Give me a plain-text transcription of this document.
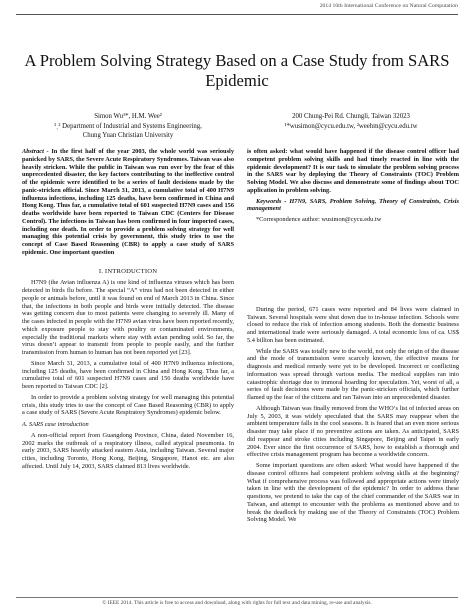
2014 10th International Conference on Natural Computation
A Problem Solving Strategy Based on a Case Study from SARS Epidemic
Simon Wu¹*, H.M. Wee²
¹ˎ² Department of Industrial and Systems Engineering,
Chung Yuan Christian University
200 Chung-Pei Rd. Chungli, Taiwan 32023
¹*wusimon@cycu.edu.tw, ²weehm@cycu.edu.tw

Abstract - In the first half of the year 2003, the whole world was seriously panicked by SARS, the Severe Acute Respiratory Syndromes. Taiwan was also heavily stricken. While the public in Taiwan was run over by the fear of this unprecedented disaster, the key factors contributing to the ineffective control of the epidemic were identified to be a series of fault decisions made by the panic-stricken official. Since March 31, 2013, a cumulative total of 400 H7N9 influenza infections, including 125 deaths, have been confirmed in China and Hong Kong. Thus far, a cumulative total of 601 suspected H7N9 cases and 156 deaths worldwide have been reported to Taiwan CDC (Centers for Disease Control). The infections in Taiwan has been confirmed in four imported cases, including one death. In order to provide a problem solving strategy for well managing this potential crisis by government, this study tries to use the concept of Case Based Reasoning (CBR) to apply a case study of SARS epidemic. One important question

I. INTRODUCTION

H7N9 (the Avian influenza A) is one kind of influenza viruses which has been detected in birds flu before. The special “A” virus had not been detected in either people or animals before, until it was found on end of March 2013 in China. Since that, the infections in both people and birds were initially detected. The disease was getting concern due to most patients were changing to severely ill. Many of the cases infected in people with the H7N9 avian virus have been reported recently, which exposure people to stay with poultry or contaminated environments, especially the traditional markets where stay with avian pending sold. So far, the virus doesn’t appear to transmit from people to people easily, and the further transmission from human to human has not been reported yet [23].

Since March 31, 2013, a cumulative total of 400 H7N9 influenza infections, including 125 deaths, have been confirmed in China and Hong Kong. Thus far, a cumulative total of 601 suspected H7N9 cases and 156 deaths worldwide have been reported to Taiwan CDC [2].

In order to provide a problem solving strategy for well managing this potential crisis, this study tries to use the concept of Case Based Reasoning (CBR) to apply a case study of SARS (Severe Acute Respiratory Syndromes) epidemic below.

A. SARS case introduction

A non-official report from Guangdong Province, China, dated November 16, 2002 marks the outbreak of a respiratory illness, called atypical pneumonia. In early 2003, SARS heavily attacked eastern Asia, including Taiwan. Several major cities, including Toronto, Hong Kong, Beijing, Singapore, Hanoi etc. are also affected. Until July 14, 2003, SARS claimed 813 lives worldwide.

is often asked: what would have happened if the disease control officer had competent problem solving skills and had timely reacted in line with the epidemic development? It is our task to simulate the problem solving process in the SARS war by deploying the Theory of Constraints (TOC) Problem Solving Model. We also discuss and demonstrate some of findings about TOC application in problem solving.

Keywords - H7N9, SARS, Problem Solving, Theory of Constraints, Crisis management

*Correspondence author: wusimon@cycu.edu.tw

During the period, 671 cases were reported and 84 lives were claimed in Taiwan. Several hospitals were shut down due to in-house infection. Schools were closed to reduce the risk of infection among students. Both the domestic business and international trade were seriously damaged. A total economic loss of ca. US$ 5.4 billion has been estimated.

While the SARS was totally new to the world, not only the origin of the disease and the mode of transmission were scarcely known, the effective means for diagnosis and medical remedy were yet to be developed. Incorrect or conflicting information was spread through various media. The medical supplies ran into catastrophic shortage due to immoral hoarding for speculation. Yet, worst of all, a series of fault decisions were made by the panic-stricken officials, which further flamed up the fear of the citizens and ran Taiwan into an unprecedented disaster.

Although Taiwan was finally removed from the WHO’s list of infected areas on July 5, 2003, it was widely speculated that the SARS may reappear when the ambient temperature falls in the cool seasons. It is feared that an even more serious disaster may take place if no preventive actions are taken. As anticipated, SARS did reappear and stroke cities including Singapore, Beijing and Taipei in early 2004. Ever since the first occurrence of SARS, how to establish a thorough and effective crisis management program has become a worldwide concern.

Some important questions are often asked: What would have happened if the disease control officers had competent problem solving skills at the beginning? What if comprehensive process was followed and appropriate actions were timely taken in line with the development of the epidemic? In order to address these questions, we pretend to take the cap of the chief commander of the SARS war in Taiwan, and attempt to encounter with the problems as mentioned above and to break the deadlock by making use of the Theory of Constraints (TOC) Problem Solving Model. We

© IEEE 2014. This article is free to access and download, along with rights for full text and data mining, re-use and analysis.
